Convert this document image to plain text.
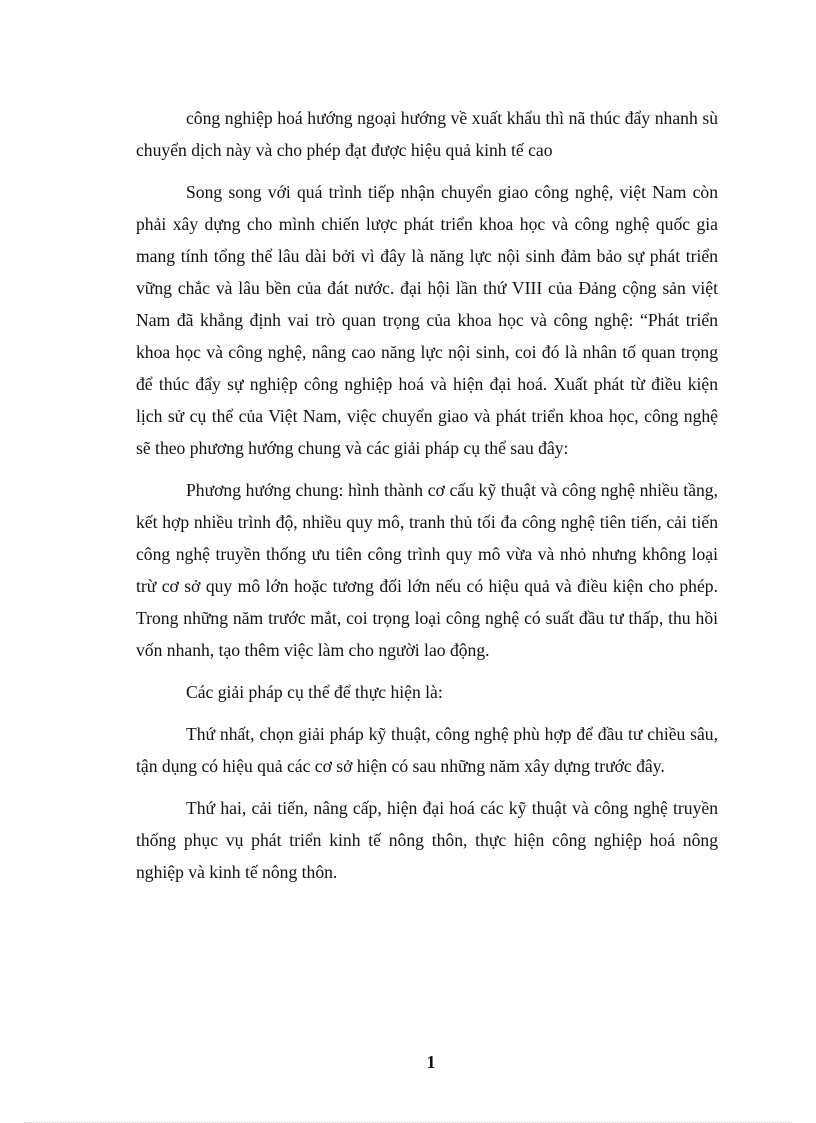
công nghiệp hoá hướng ngoại hướng về xuất khẩu thì nã thúc đẩy nhanh sù chuyển dịch này và cho phép đạt được hiệu quả kinh tế cao

Song song với quá trình tiếp nhận chuyển giao công nghệ, việt Nam còn phải xây dựng cho mình chiến lược phát triển khoa học và công nghệ quốc gia mang tính tổng thể lâu dài bởi vì đây là năng lực nội sinh đảm bảo sự phát triển vững chắc và lâu bền của đát nước. đại hội lần thứ VIII của Đảng cộng sản việt Nam đã khẳng định vai trò quan trọng của khoa học và công nghệ: “Phát triển khoa học và công nghệ, nâng cao năng lực nội sinh, coi đó là nhân tố quan trọng để thúc đẩy sự nghiệp công nghiệp hoá và hiện đại hoá. Xuất phát từ điều kiện lịch sử cụ thể của Việt Nam, việc chuyển giao và phát triển khoa học, công nghệ sẽ theo phương hướng chung và các giải pháp cụ thể sau đây:

Phương hướng chung: hình thành cơ cấu kỹ thuật và công nghệ nhiều tầng, kết hợp nhiều trình độ, nhiều quy mô, tranh thủ tối đa công nghệ tiên tiến, cải tiến công nghệ truyền thống ưu tiên công trình quy mô vừa và nhỏ nhưng không loại trừ cơ sở quy mô lớn hoặc tương đối lớn nếu có hiệu quả và điều kiện cho phép. Trong những năm trước mắt, coi trọng loại công nghệ có suất đầu tư thấp, thu hồi vốn nhanh, tạo thêm việc làm cho người lao động.

Các giải pháp cụ thể để thực hiện là:

Thứ nhất, chọn giải pháp kỹ thuật, công nghệ phù hợp để đầu tư chiều sâu, tận dụng có hiệu quả các cơ sở hiện có sau những năm xây dựng trước đây.

Thứ hai, cải tiến, nâng cấp, hiện đại hoá các kỹ thuật và công nghệ truyền thống phục vụ phát triển kinh tế nông thôn, thực hiện công nghiệp hoá nông nghiệp và kinh tế nông thôn.

1
